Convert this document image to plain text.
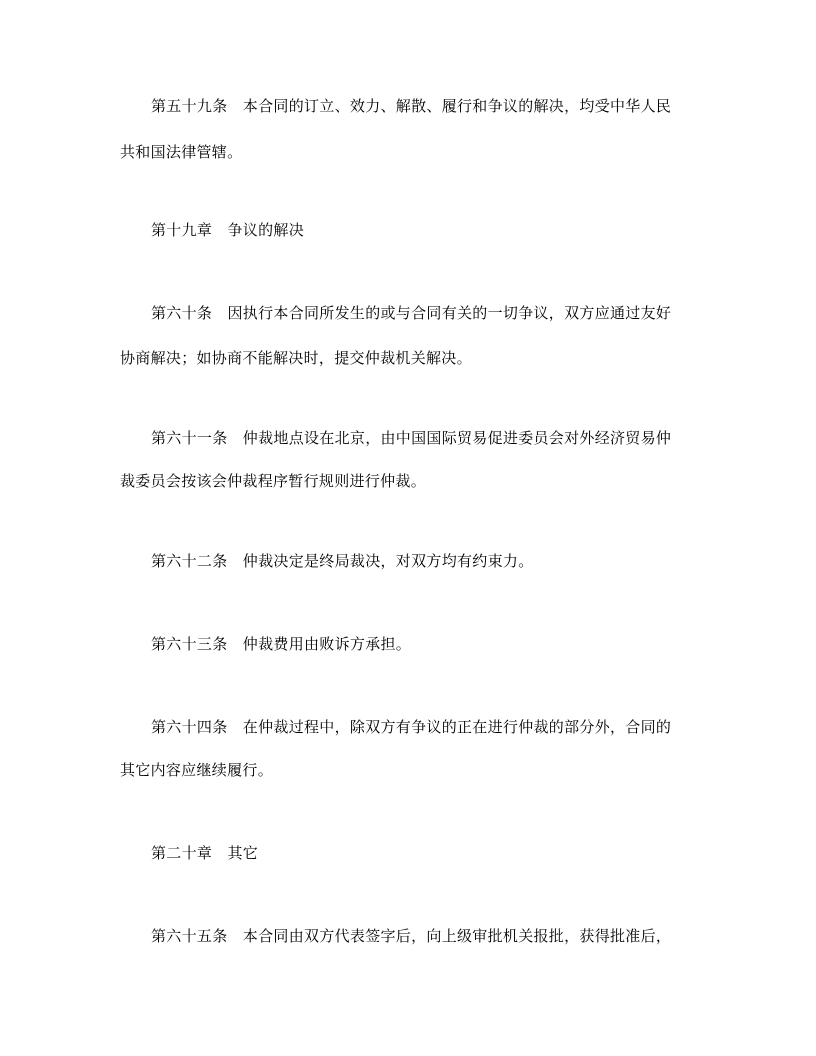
第五十九条　本合同的订立、效力、解散、履行和争议的解决，均受中华人民
共和国法律管辖。
第十九章　争议的解决
第六十条　因执行本合同所发生的或与合同有关的一切争议，双方应通过友好
协商解决；如协商不能解决时，提交仲裁机关解决。
第六十一条　仲裁地点设在北京，由中国国际贸易促进委员会对外经济贸易仲
裁委员会按该会仲裁程序暂行规则进行仲裁。
第六十二条　仲裁决定是终局裁决，对双方均有约束力。
第六十三条　仲裁费用由败诉方承担。
第六十四条　在仲裁过程中，除双方有争议的正在进行仲裁的部分外，合同的
其它内容应继续履行。
第二十章　其它
第六十五条　本合同由双方代表签字后，向上级审批机关报批，获得批准后，
